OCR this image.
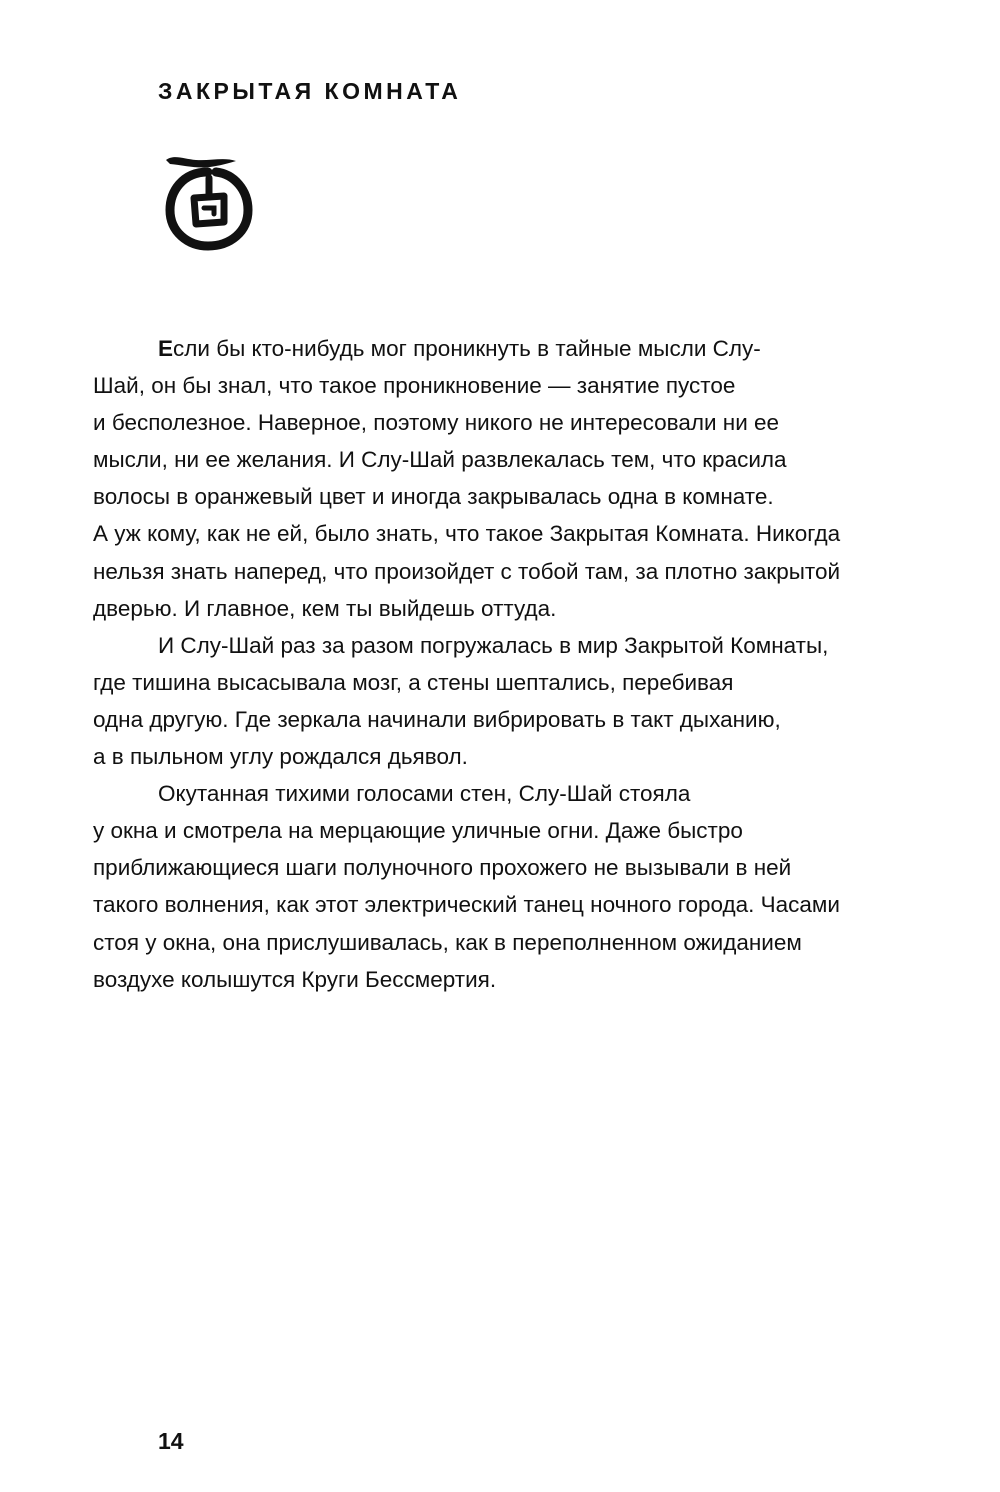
ЗАКРЫТАЯ КОМНАТА

Если бы кто-нибудь мог проникнуть в тайные мысли Слу-
Шай, он бы знал, что такое проникновение — занятие пустое
и бесполезное. Наверное, поэтому никого не интересовали ни ее
мысли, ни ее желания. И Слу-Шай развлекалась тем, что красила
волосы в оранжевый цвет и иногда закрывалась одна в комнате.
А уж кому, как не ей, было знать, что такое Закрытая Комната. Никогда
нельзя знать наперед, что произойдет с тобой там, за плотно закрытой
дверью. И главное, кем ты выйдешь оттуда.

И Слу-Шай раз за разом погружалась в мир Закрытой Комнаты,
где тишина высасывала мозг, а стены шептались, перебивая
одна другую. Где зеркала начинали вибрировать в такт дыханию,
а в пыльном углу рождался дьявол.

Окутанная тихими голосами стен, Слу-Шай стояла
у окна и смотрела на мерцающие уличные огни. Даже быстро
приближающиеся шаги полуночного прохожего не вызывали в ней
такого волнения, как этот электрический танец ночного города. Часами
стоя у окна, она прислушивалась, как в переполненном ожиданием
воздухе колышутся Круги Бессмертия.

14
